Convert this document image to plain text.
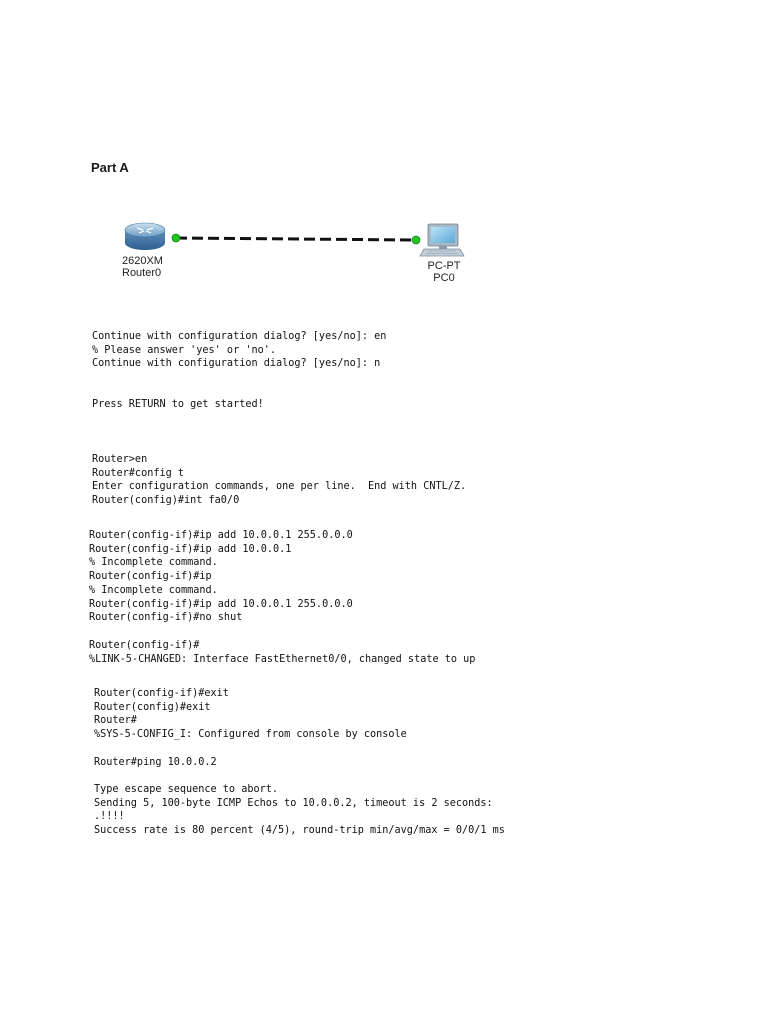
Part A
2620XM
Router0
PC-PT
PC0
Continue with configuration dialog? [yes/no]: en
% Please answer 'yes' or 'no'.
Continue with configuration dialog? [yes/no]: n
Press RETURN to get started!
Router>en
Router#config t
Enter configuration commands, one per line.  End with CNTL/Z.
Router(config)#int fa0/0
Router(config-if)#ip add 10.0.0.1 255.0.0.0
Router(config-if)#ip add 10.0.0.1
% Incomplete command.
Router(config-if)#ip
% Incomplete command.
Router(config-if)#ip add 10.0.0.1 255.0.0.0
Router(config-if)#no shut
Router(config-if)#
%LINK-5-CHANGED: Interface FastEthernet0/0, changed state to up
Router(config-if)#exit
Router(config)#exit
Router#
%SYS-5-CONFIG_I: Configured from console by console
Router#ping 10.0.0.2
Type escape sequence to abort.
Sending 5, 100-byte ICMP Echos to 10.0.0.2, timeout is 2 seconds:
.!!!!
Success rate is 80 percent (4/5), round-trip min/avg/max = 0/0/1 ms
